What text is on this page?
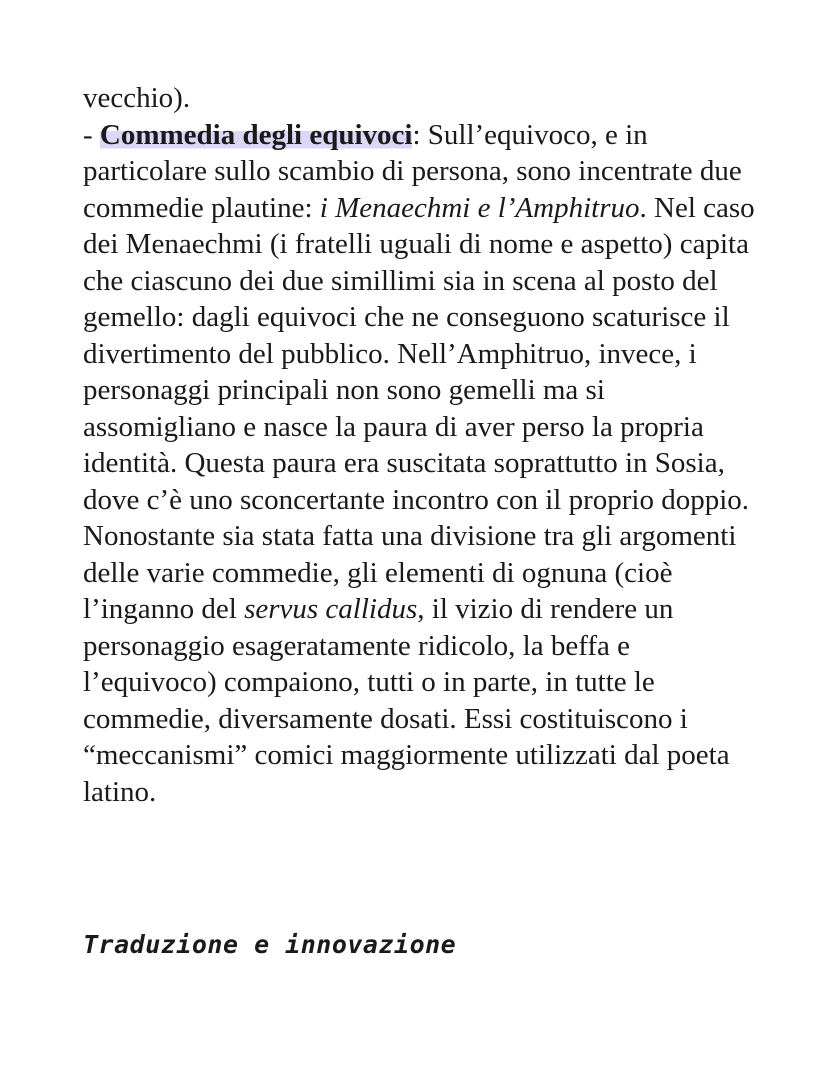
vecchio).

- Commedia degli equivoci: Sull’equivoco, e in particolare sullo scambio di persona, sono incentrate due commedie plautine: i Menaechmi e l’Amphitruo. Nel caso dei Menaechmi (i fratelli uguali di nome e aspetto) capita che ciascuno dei due simillimi sia in scena al posto del gemello: dagli equivoci che ne conseguono scaturisce il divertimento del pubblico. Nell’Amphitruo, invece, i personaggi principali non sono gemelli ma si assomigliano e nasce la paura di aver perso la propria identità. Questa paura era suscitata soprattutto in Sosia, dove c’è uno sconcertante incontro con il proprio doppio.

Nonostante sia stata fatta una divisione tra gli argomenti delle varie commedie, gli elementi di ognuna (cioè l’inganno del servus callidus, il vizio di rendere un personaggio esageratamente ridicolo, la beffa e l’equivoco) compaiono, tutti o in parte, in tutte le commedie, diversamente dosati. Essi costituiscono i “meccanismi” comici maggiormente utilizzati dal poeta latino.

Traduzione e innovazione
